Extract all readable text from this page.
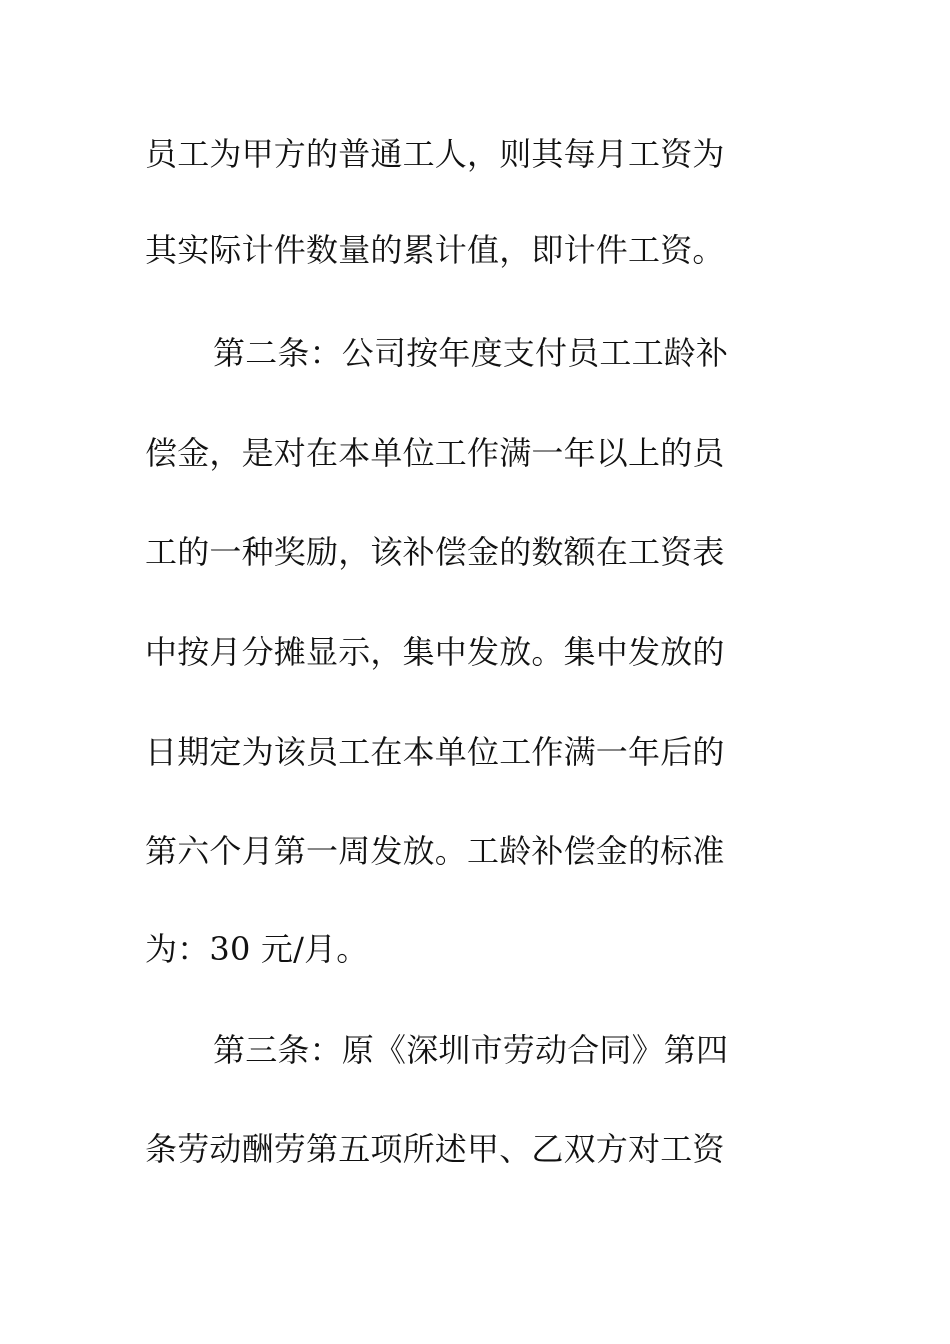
员工为甲方的普通工人，则其每月工资为
其实际计件数量的累计值，即计件工资。
第二条：公司按年度支付员工工龄补
偿金，是对在本单位工作满一年以上的员
工的一种奖励，该补偿金的数额在工资表
中按月分摊显示，集中发放。集中发放的
日期定为该员工在本单位工作满一年后的
第六个月第一周发放。工龄补偿金的标准
为：30 元/月。
第三条：原《深圳市劳动合同》第四
条劳动酬劳第五项所述甲、乙双方对工资
